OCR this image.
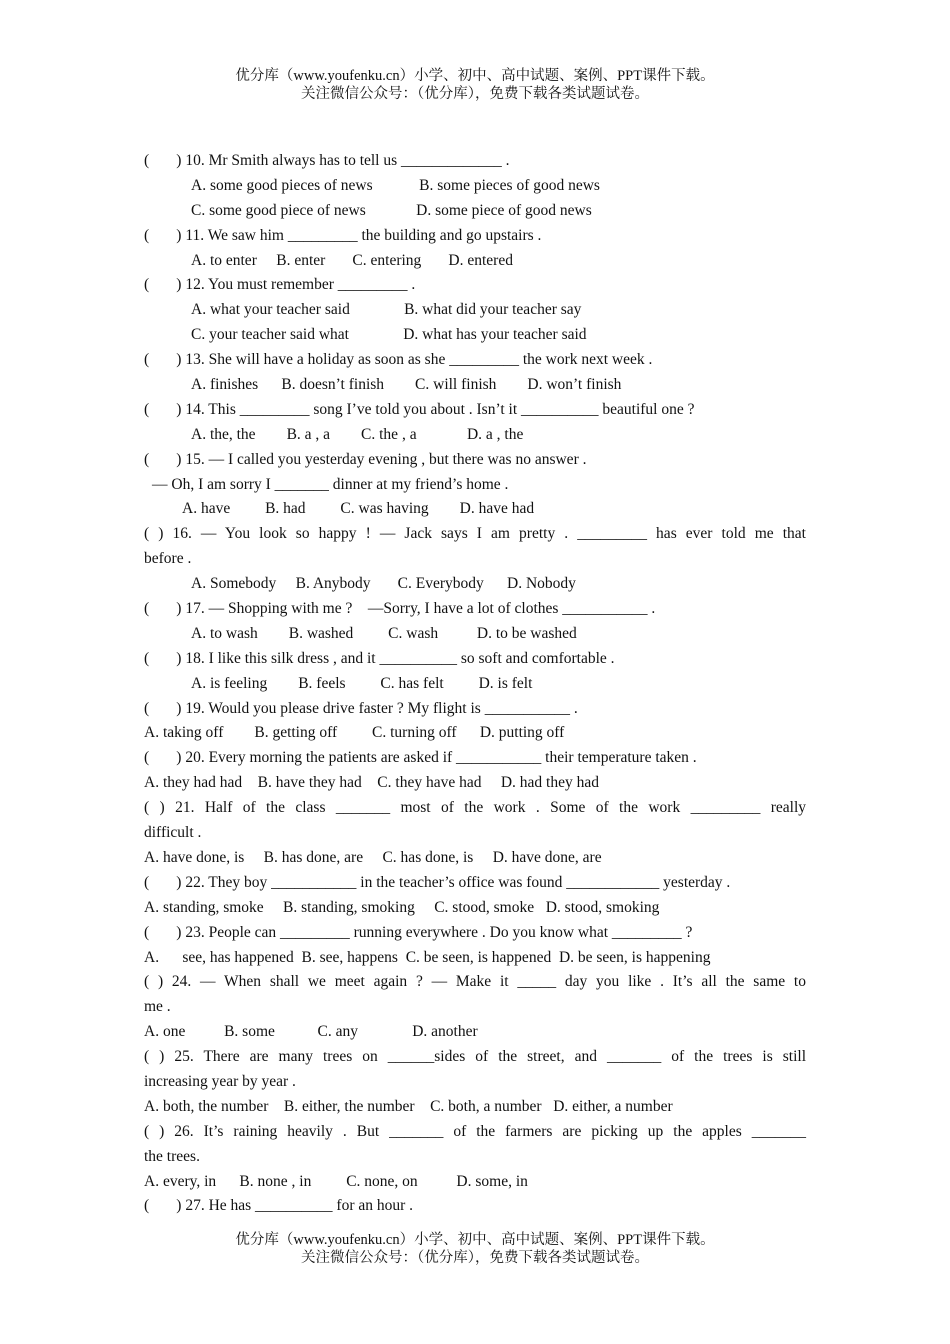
优分库（www.youfenku.cn）小学、初中、高中试题、案例、PPT课件下载。
关注微信公众号：（优分库），免费下载各类试题试卷。
(       ) 10. Mr Smith always has to tell us _____________ .
A. some good pieces of news            B. some pieces of good news
C. some good piece of news             D. some piece of good news
(       ) 11. We saw him _________ the building and go upstairs .
A. to enter     B. enter       C. entering       D. entered
(       ) 12. You must remember _________ .
A. what your teacher said              B. what did your teacher say
C. your teacher said what              D. what has your teacher said
(       ) 13. She will have a holiday as soon as she _________ the work next week .
A. finishes      B. doesn’t finish        C. will finish        D. won’t finish
(       ) 14. This _________ song I’ve told you about . Isn’t it __________ beautiful one ?
A. the, the        B. a , a        C. the , a             D. a , the
(       ) 15. — I called you yesterday evening , but there was no answer .
— Oh, I am sorry I _______ dinner at my friend’s home .
A. have         B. had         C. was having        D. have had
( ) 16. — You look so happy ! — Jack says I am pretty . _________ has ever told me that
before .
A. Somebody     B. Anybody       C. Everybody      D. Nobody
(       ) 17. — Shopping with me ?    —Sorry, I have a lot of clothes ___________ .
A. to wash        B. washed         C. wash          D. to be washed
(       ) 18. I like this silk dress , and it __________ so soft and comfortable .
A. is feeling        B. feels         C. has felt         D. is felt
(       ) 19. Would you please drive faster ? My flight is ___________ .
A. taking off        B. getting off         C. turning off      D. putting off
(       ) 20. Every morning the patients are asked if ___________ their temperature taken .
A. they had had    B. have they had    C. they have had     D. had they had
( ) 21. Half of the class _______ most of the work . Some of the work _________ really
difficult .
A. have done, is     B. has done, are     C. has done, is     D. have done, are
(       ) 22. They boy ___________ in the teacher’s office was found ____________ yesterday .
A. standing, smoke     B. standing, smoking     C. stood, smoke   D. stood, smoking
(       ) 23. People can _________ running everywhere . Do you know what _________ ?
A.      see, has happened  B. see, happens  C. be seen, is happened  D. be seen, is happening
( ) 24. — When shall we meet again ? — Make it _____ day you like . It’s all the same to
me .
A. one          B. some           C. any              D. another
( ) 25. There are many trees on ______sides of the street, and _______ of the trees is still
increasing year by year .
A. both, the number    B. either, the number    C. both, a number   D. either, a number
( ) 26. It’s raining heavily . But _______ of the farmers are picking up the apples _______
the trees.
A. every, in      B. none , in         C. none, on          D. some, in
(       ) 27. He has __________ for an hour .
优分库（www.youfenku.cn）小学、初中、高中试题、案例、PPT课件下载。
关注微信公众号：（优分库），免费下载各类试题试卷。
